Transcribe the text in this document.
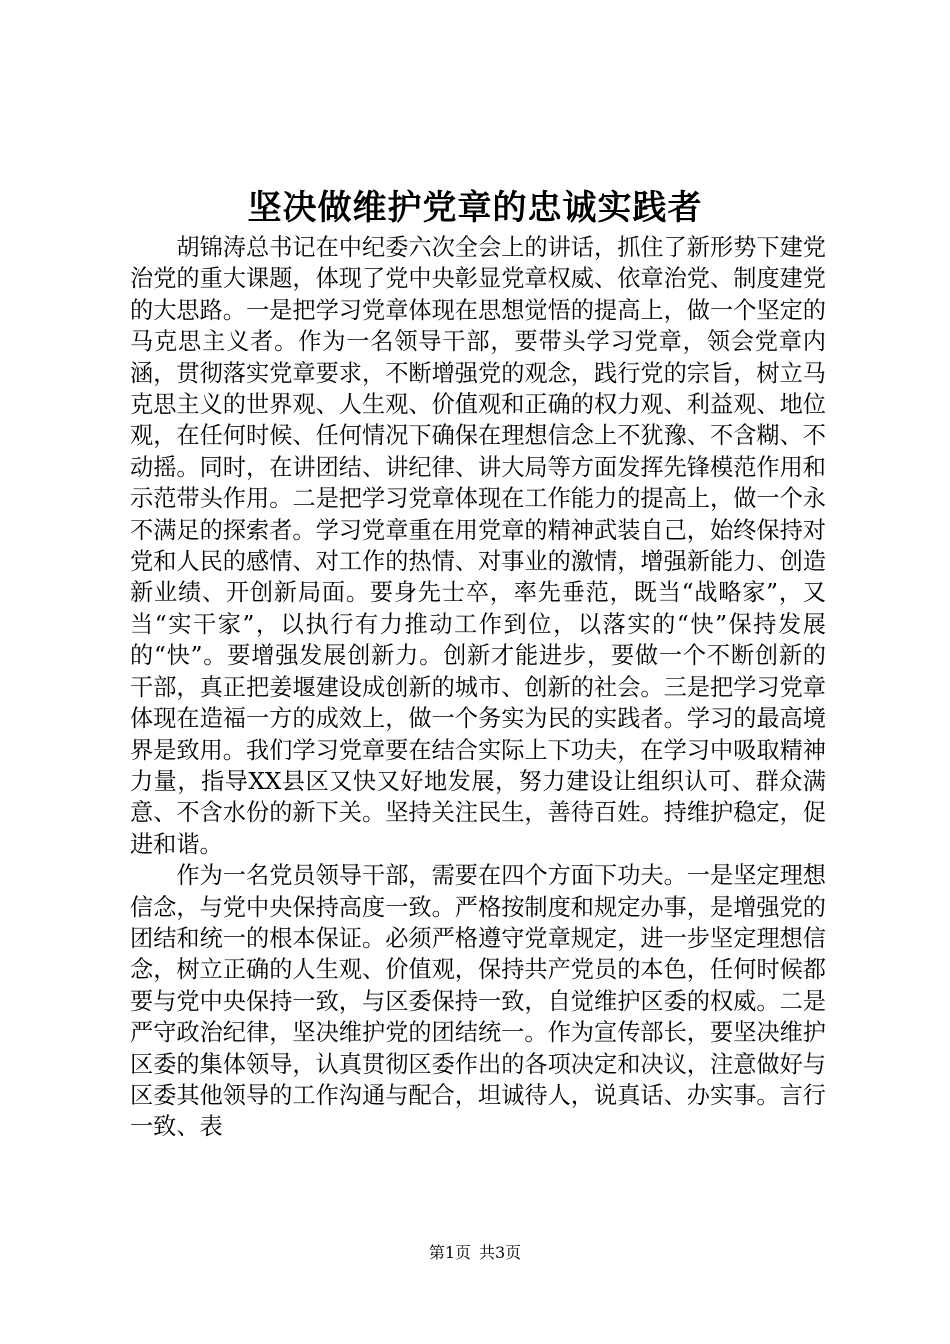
坚决做维护党章的忠诚实践者

胡锦涛总书记在中纪委六次全会上的讲话，抓住了新形势下建党治党的重大课题，体现了党中央彰显党章权威、依章治党、制度建党的大思路。一是把学习党章体现在思想觉悟的提高上，做一个坚定的马克思主义者。作为一名领导干部，要带头学习党章，领会党章内涵，贯彻落实党章要求，不断增强党的观念，践行党的宗旨，树立马克思主义的世界观、人生观、价值观和正确的权力观、利益观、地位观，在任何时候、任何情况下确保在理想信念上不犹豫、不含糊、不动摇。同时，在讲团结、讲纪律、讲大局等方面发挥先锋模范作用和示范带头作用。二是把学习党章体现在工作能力的提高上，做一个永不满足的探索者。学习党章重在用党章的精神武装自己，始终保持对党和人民的感情、对工作的热情、对事业的激情，增强新能力、创造新业绩、开创新局面。要身先士卒，率先垂范，既当“战略家”，又当“实干家”，以执行有力推动工作到位，以落实的“快”保持发展的“快”。要增强发展创新力。创新才能进步，要做一个不断创新的干部，真正把姜堰建设成创新的城市、创新的社会。三是把学习党章体现在造福一方的成效上，做一个务实为民的实践者。学习的最高境界是致用。我们学习党章要在结合实际上下功夫，在学习中吸取精神力量，指导XX县区又快又好地发展，努力建设让组织认可、群众满意、不含水份的新下关。坚持关注民生，善待百姓。持维护稳定，促进和谐。

作为一名党员领导干部，需要在四个方面下功夫。一是坚定理想信念，与党中央保持高度一致。严格按制度和规定办事，是增强党的团结和统一的根本保证。必须严格遵守党章规定，进一步坚定理想信念，树立正确的人生观、价值观，保持共产党员的本色，任何时候都要与党中央保持一致，与区委保持一致，自觉维护区委的权威。二是严守政治纪律，坚决维护党的团结统一。作为宣传部长，要坚决维护区委的集体领导，认真贯彻区委作出的各项决定和决议，注意做好与区委其他领导的工作沟通与配合，坦诚待人，说真话、办实事。言行一致、表

第1页 共3页
